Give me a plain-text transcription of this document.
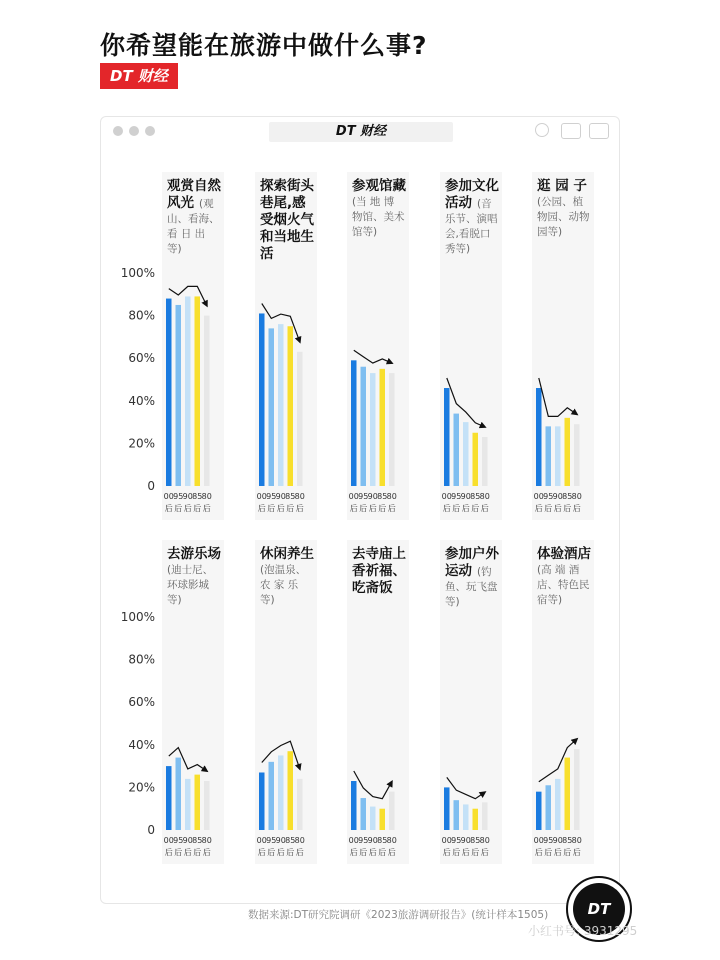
你希望能在旅游中做什么事?
DT 财经
DT 财经
100%
80%
60%
40%
20%
0
100%
80%
60%
40%
20%
0
观赏自然
风光 (观
山、看海、
看 日 出
等)
00
后
95
后
90
后
85
后
80
后
探索街头
巷尾,感
受烟火气
和当地生
活
00
后
95
后
90
后
85
后
80
后
参观馆藏
(当 地 博
物馆、美术
馆等)
00
后
95
后
90
后
85
后
80
后
参加文化
活动 (音
乐节、演唱
会,看脱口
秀等)
00
后
95
后
90
后
85
后
80
后
逛 园 子
(公园、植
物园、动物
园等)
00
后
95
后
90
后
85
后
80
后
去游乐场
(迪士尼、
环球影城
等)
00
后
95
后
90
后
85
后
80
后
休闲养生
(泡温泉、
农 家 乐
等)
00
后
95
后
90
后
85
后
80
后
去寺庙上
香祈福、
吃斋饭
00
后
95
后
90
后
85
后
80
后
参加户外
运动 (钓
鱼、玩飞盘
等)
00
后
95
后
90
后
85
后
80
后
体验酒店
(高 端 酒
店、特色民
宿等)
00
后
95
后
90
后
85
后
80
后
数据来源:DT研究院调研《2023旅游调研报告》(统计样本1505)	DT
小红书号: 3931295
